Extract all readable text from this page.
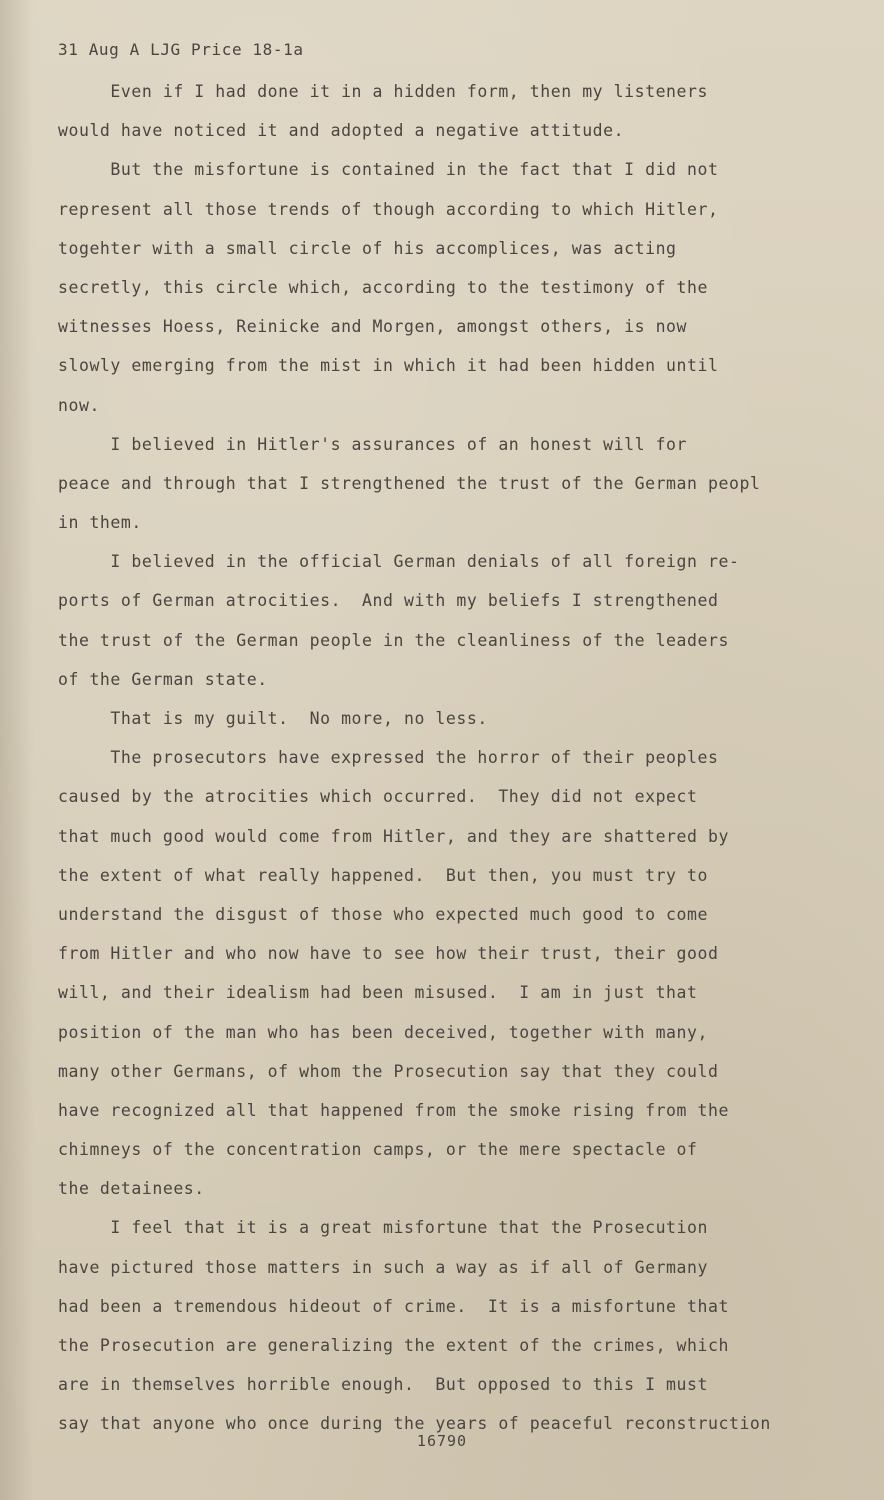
31 Aug A LJG Price 18-1a
Even if I had done it in a hidden form, then my listeners
would have noticed it and adopted a negative attitude.
But the misfortune is contained in the fact that I did not
represent all those trends of though according to which Hitler,
togehter with a small circle of his accomplices, was acting
secretly, this circle which, according to the testimony of the
witnesses Hoess, Reinicke and Morgen, amongst others, is now
slowly emerging from the mist in which it had been hidden until
now.
I believed in Hitler's assurances of an honest will for
peace and through that I strengthened the trust of the German peopl
in them.
I believed in the official German denials of all foreign re-
ports of German atrocities.  And with my beliefs I strengthened
the trust of the German people in the cleanliness of the leaders
of the German state.
That is my guilt.  No more, no less.
The prosecutors have expressed the horror of their peoples
caused by the atrocities which occurred.  They did not expect
that much good would come from Hitler, and they are shattered by
the extent of what really happened.  But then, you must try to
understand the disgust of those who expected much good to come
from Hitler and who now have to see how their trust, their good
will, and their idealism had been misused.  I am in just that
position of the man who has been deceived, together with many,
many other Germans, of whom the Prosecution say that they could
have recognized all that happened from the smoke rising from the
chimneys of the concentration camps, or the mere spectacle of
the detainees.
I feel that it is a great misfortune that the Prosecution
have pictured those matters in such a way as if all of Germany
had been a tremendous hideout of crime.  It is a misfortune that
the Prosecution are generalizing the extent of the crimes, which
are in themselves horrible enough.  But opposed to this I must
say that anyone who once during the years of peaceful reconstruction
16790
